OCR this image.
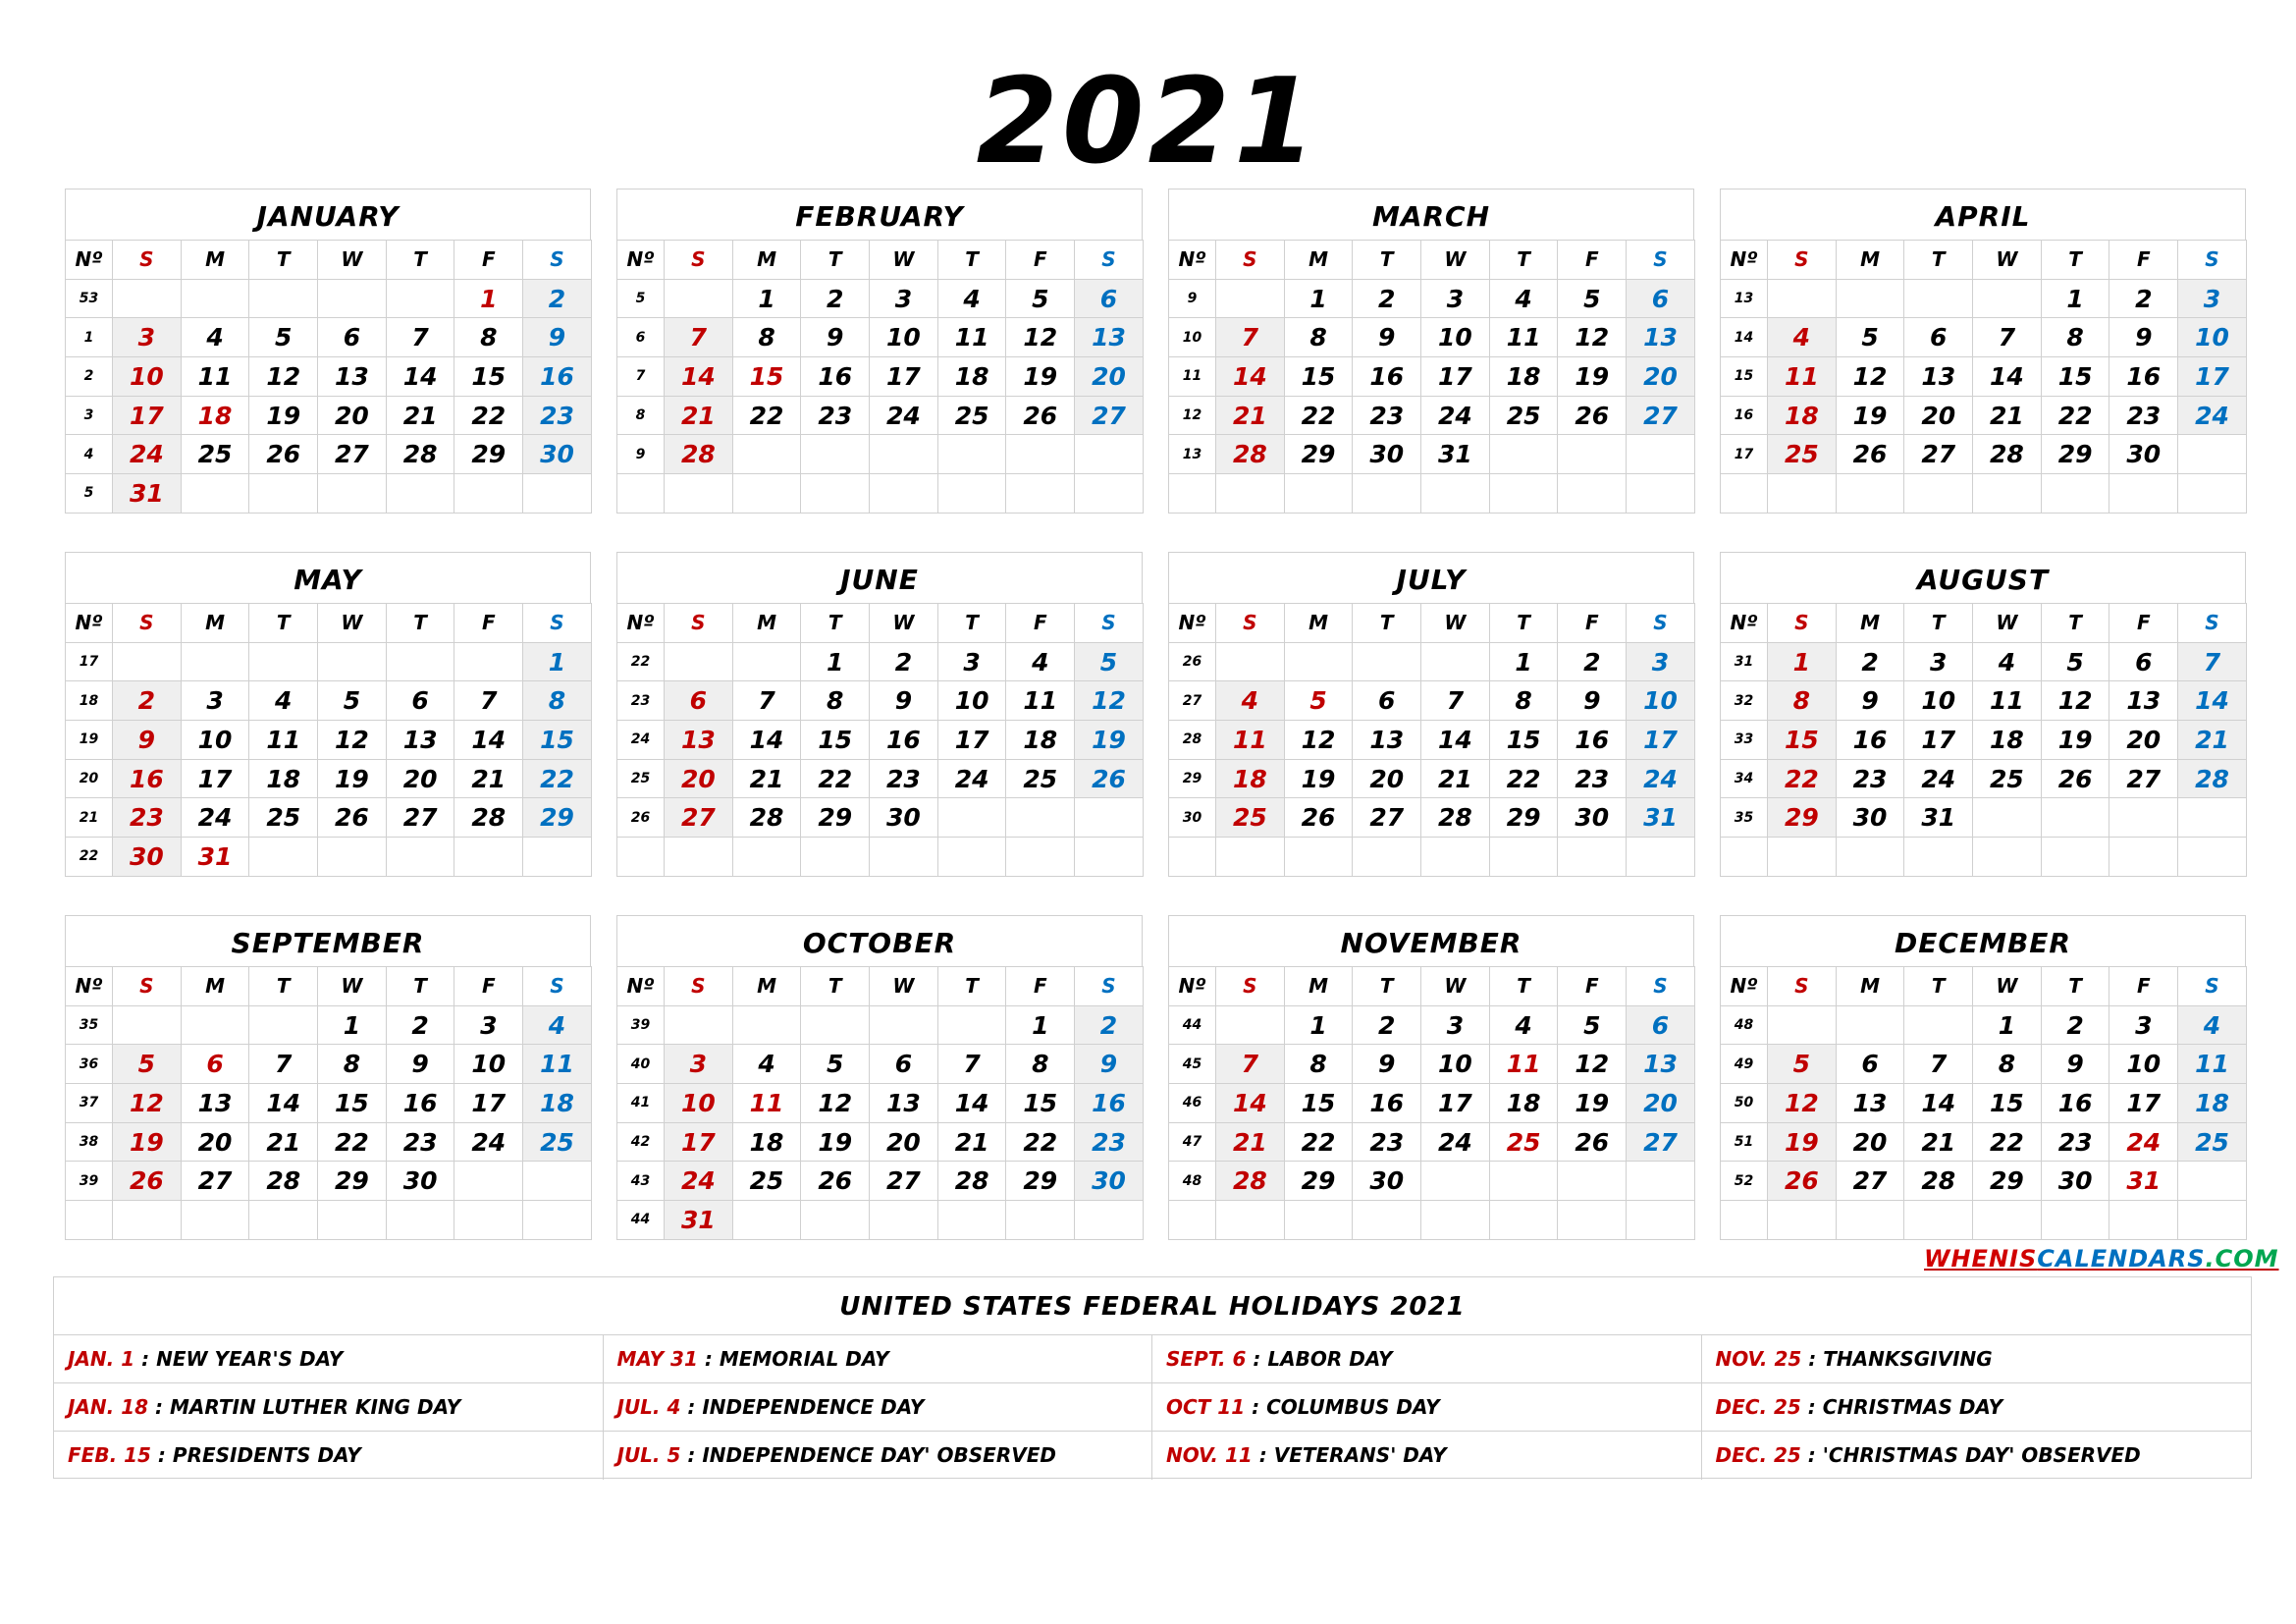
2021
JANUARY
Nº	S	M	T	W	T	F	S
53						1	2
1	3	4	5	6	7	8	9
2	10	11	12	13	14	15	16
3	17	18	19	20	21	22	23
4	24	25	26	27	28	29	30
5	31						
FEBRUARY
Nº	S	M	T	W	T	F	S
5		1	2	3	4	5	6
6	7	8	9	10	11	12	13
7	14	15	16	17	18	19	20
8	21	22	23	24	25	26	27
9	28						

MARCH
Nº	S	M	T	W	T	F	S
9		1	2	3	4	5	6
10	7	8	9	10	11	12	13
11	14	15	16	17	18	19	20
12	21	22	23	24	25	26	27
13	28	29	30	31			

APRIL
Nº	S	M	T	W	T	F	S
13					1	2	3
14	4	5	6	7	8	9	10
15	11	12	13	14	15	16	17
16	18	19	20	21	22	23	24
17	25	26	27	28	29	30	

MAY
Nº	S	M	T	W	T	F	S
17							1
18	2	3	4	5	6	7	8
19	9	10	11	12	13	14	15
20	16	17	18	19	20	21	22
21	23	24	25	26	27	28	29
22	30	31					
JUNE
Nº	S	M	T	W	T	F	S
22			1	2	3	4	5
23	6	7	8	9	10	11	12
24	13	14	15	16	17	18	19
25	20	21	22	23	24	25	26
26	27	28	29	30			

JULY
Nº	S	M	T	W	T	F	S
26					1	2	3
27	4	5	6	7	8	9	10
28	11	12	13	14	15	16	17
29	18	19	20	21	22	23	24
30	25	26	27	28	29	30	31

AUGUST
Nº	S	M	T	W	T	F	S
31	1	2	3	4	5	6	7
32	8	9	10	11	12	13	14
33	15	16	17	18	19	20	21
34	22	23	24	25	26	27	28
35	29	30	31				

SEPTEMBER
Nº	S	M	T	W	T	F	S
35				1	2	3	4
36	5	6	7	8	9	10	11
37	12	13	14	15	16	17	18
38	19	20	21	22	23	24	25
39	26	27	28	29	30		

OCTOBER
Nº	S	M	T	W	T	F	S
39						1	2
40	3	4	5	6	7	8	9
41	10	11	12	13	14	15	16
42	17	18	19	20	21	22	23
43	24	25	26	27	28	29	30
44	31						
NOVEMBER
Nº	S	M	T	W	T	F	S
44		1	2	3	4	5	6
45	7	8	9	10	11	12	13
46	14	15	16	17	18	19	20
47	21	22	23	24	25	26	27
48	28	29	30				

DECEMBER
Nº	S	M	T	W	T	F	S
48				1	2	3	4
49	5	6	7	8	9	10	11
50	12	13	14	15	16	17	18
51	19	20	21	22	23	24	25
52	26	27	28	29	30	31	

WHENISCALENDARS.COM
UNITED STATES FEDERAL HOLIDAYS 2021
JAN. 1 : NEW YEAR'S DAY	MAY 31 : MEMORIAL DAY	SEPT. 6 : LABOR DAY	NOV. 25 : THANKSGIVING
JAN. 18 : MARTIN LUTHER KING DAY	JUL. 4 : INDEPENDENCE DAY	OCT 11 : COLUMBUS DAY	DEC. 25 : CHRISTMAS DAY
FEB. 15 : PRESIDENTS DAY	JUL. 5 : INDEPENDENCE DAY' OBSERVED	NOV. 11 : VETERANS' DAY	DEC. 25 : 'CHRISTMAS DAY' OBSERVED
